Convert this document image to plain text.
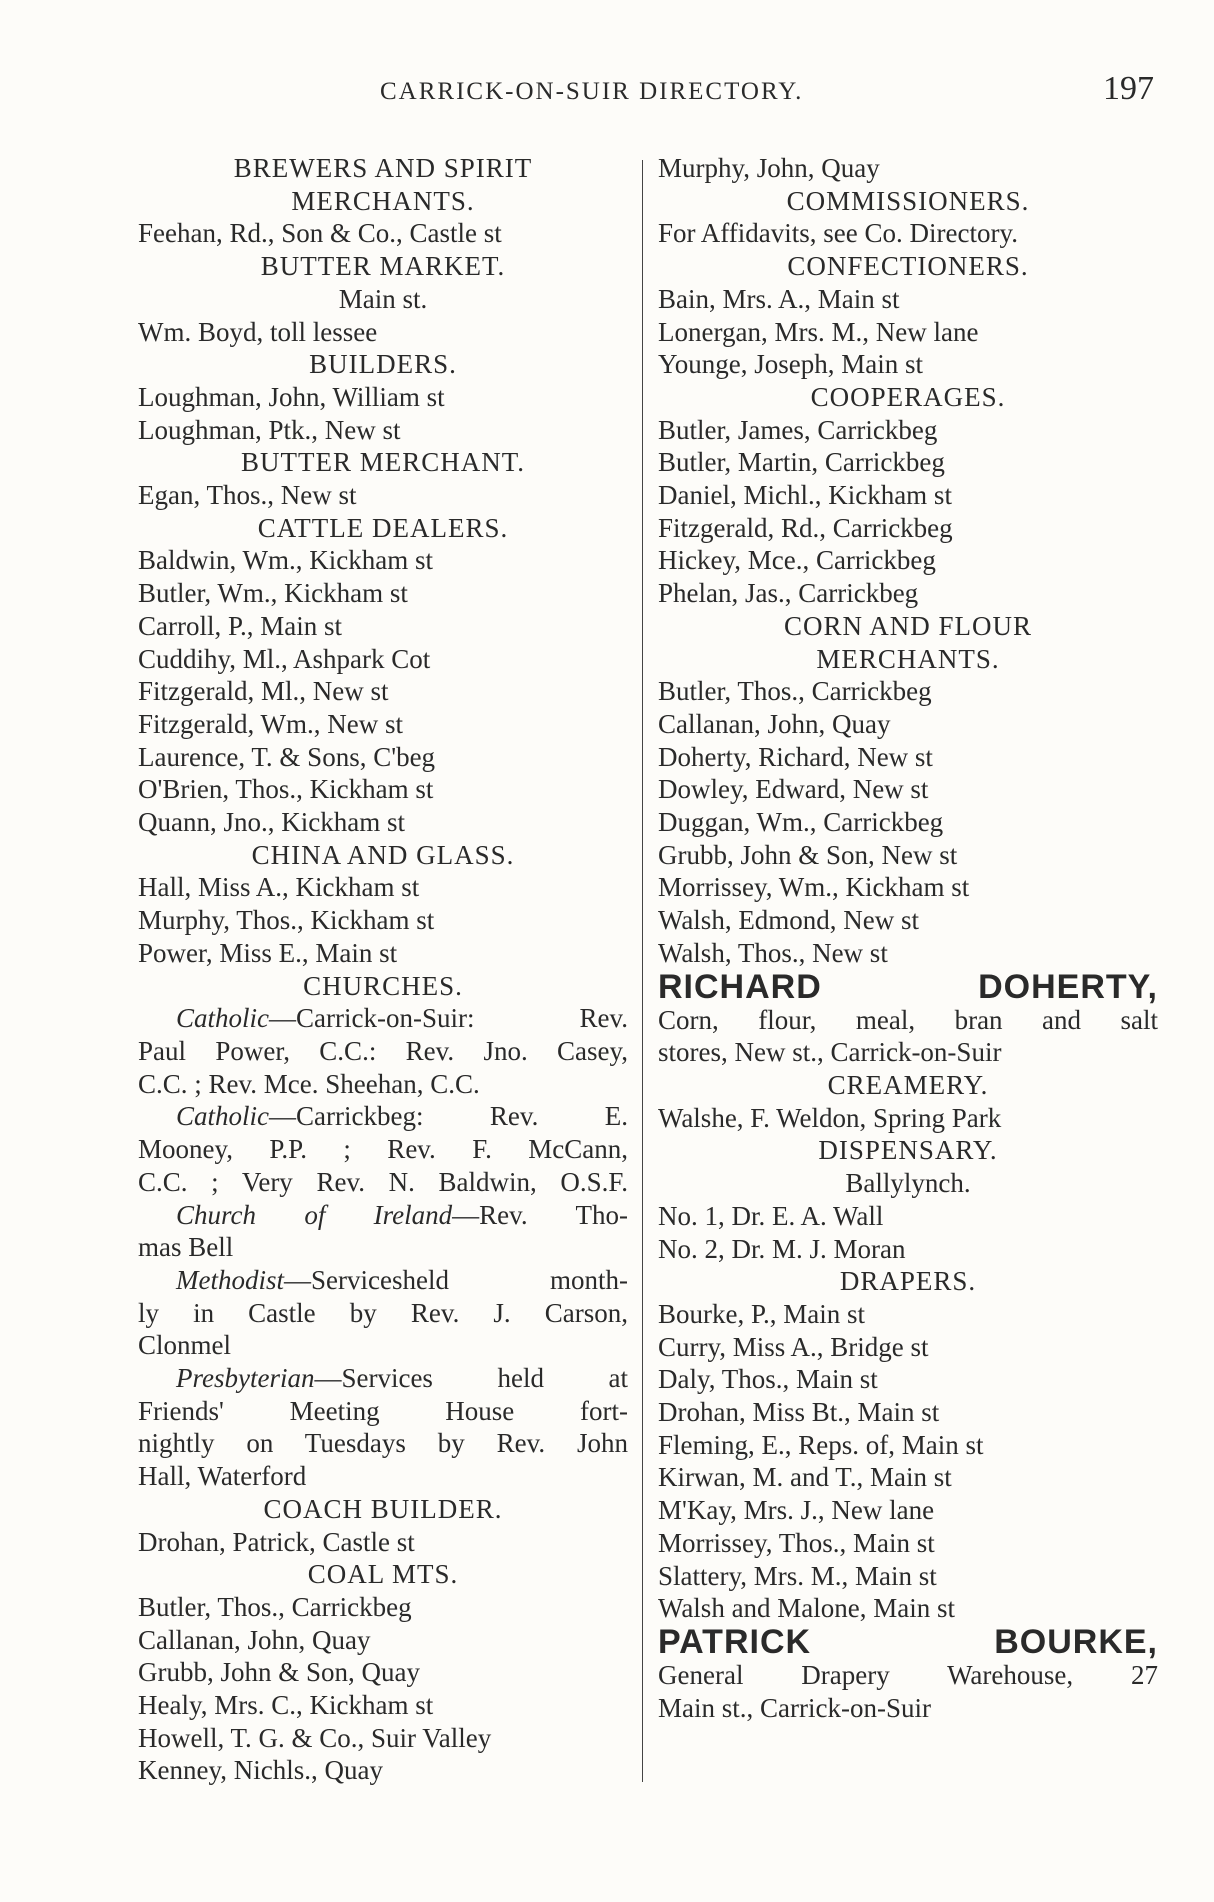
CARRICK-ON-SUIR DIRECTORY.	197
BREWERS AND SPIRIT
MERCHANTS.
Feehan, Rd., Son & Co., Castle st
BUTTER MARKET.
Main st.
Wm. Boyd, toll lessee
BUILDERS.
Loughman, John, William st
Loughman, Ptk., New st
BUTTER MERCHANT.
Egan, Thos., New st
CATTLE DEALERS.
Baldwin, Wm., Kickham st
Butler, Wm., Kickham st
Carroll, P., Main st
Cuddihy, Ml., Ashpark Cot
Fitzgerald, Ml., New st
Fitzgerald, Wm., New st
Laurence, T. & Sons, C'beg
O'Brien, Thos., Kickham st
Quann, Jno., Kickham st
CHINA AND GLASS.
Hall, Miss A., Kickham st
Murphy, Thos., Kickham st
Power, Miss E., Main st
CHURCHES.
Catholic—Carrick-on-Suir: Rev.
Paul Power, C.C.: Rev. Jno. Casey,
C.C. ; Rev. Mce. Sheehan, C.C.
Catholic—Carrickbeg: Rev. E.
Mooney, P.P. ; Rev. F. McCann,
C.C. ; Very Rev. N. Baldwin, O.S.F.
Church of Ireland—Rev. Tho-
mas Bell
Methodist—Servicesheld month-
ly in Castle by Rev. J. Carson,
Clonmel
Presbyterian—Services held at
Friends' Meeting House fort-
nightly on Tuesdays by Rev. John
Hall, Waterford
COACH BUILDER.
Drohan, Patrick, Castle st
COAL MTS.
Butler, Thos., Carrickbeg
Callanan, John, Quay
Grubb, John & Son, Quay
Healy, Mrs. C., Kickham st
Howell, T. G. & Co., Suir Valley
Kenney, Nichls., Quay
Murphy, John, Quay
COMMISSIONERS.
For Affidavits, see Co. Directory.
CONFECTIONERS.
Bain, Mrs. A., Main st
Lonergan, Mrs. M., New lane
Younge, Joseph, Main st
COOPERAGES.
Butler, James, Carrickbeg
Butler, Martin, Carrickbeg
Daniel, Michl., Kickham st
Fitzgerald, Rd., Carrickbeg
Hickey, Mce., Carrickbeg
Phelan, Jas., Carrickbeg
CORN AND FLOUR
MERCHANTS.
Butler, Thos., Carrickbeg
Callanan, John, Quay
Doherty, Richard, New st
Dowley, Edward, New st
Duggan, Wm., Carrickbeg
Grubb, John & Son, New st
Morrissey, Wm., Kickham st
Walsh, Edmond, New st
Walsh, Thos., New st
RICHARD DOHERTY,
Corn, flour, meal, bran and salt
stores, New st., Carrick-on-Suir
CREAMERY.
Walshe, F. Weldon, Spring Park
DISPENSARY.
Ballylynch.
No. 1, Dr. E. A. Wall
No. 2, Dr. M. J. Moran
DRAPERS.
Bourke, P., Main st
Curry, Miss A., Bridge st
Daly, Thos., Main st
Drohan, Miss Bt., Main st
Fleming, E., Reps. of, Main st
Kirwan, M. and T., Main st
M'Kay, Mrs. J., New lane
Morrissey, Thos., Main st
Slattery, Mrs. M., Main st
Walsh and Malone, Main st
PATRICK BOURKE,
General Drapery Warehouse, 27
Main st., Carrick-on-Suir
